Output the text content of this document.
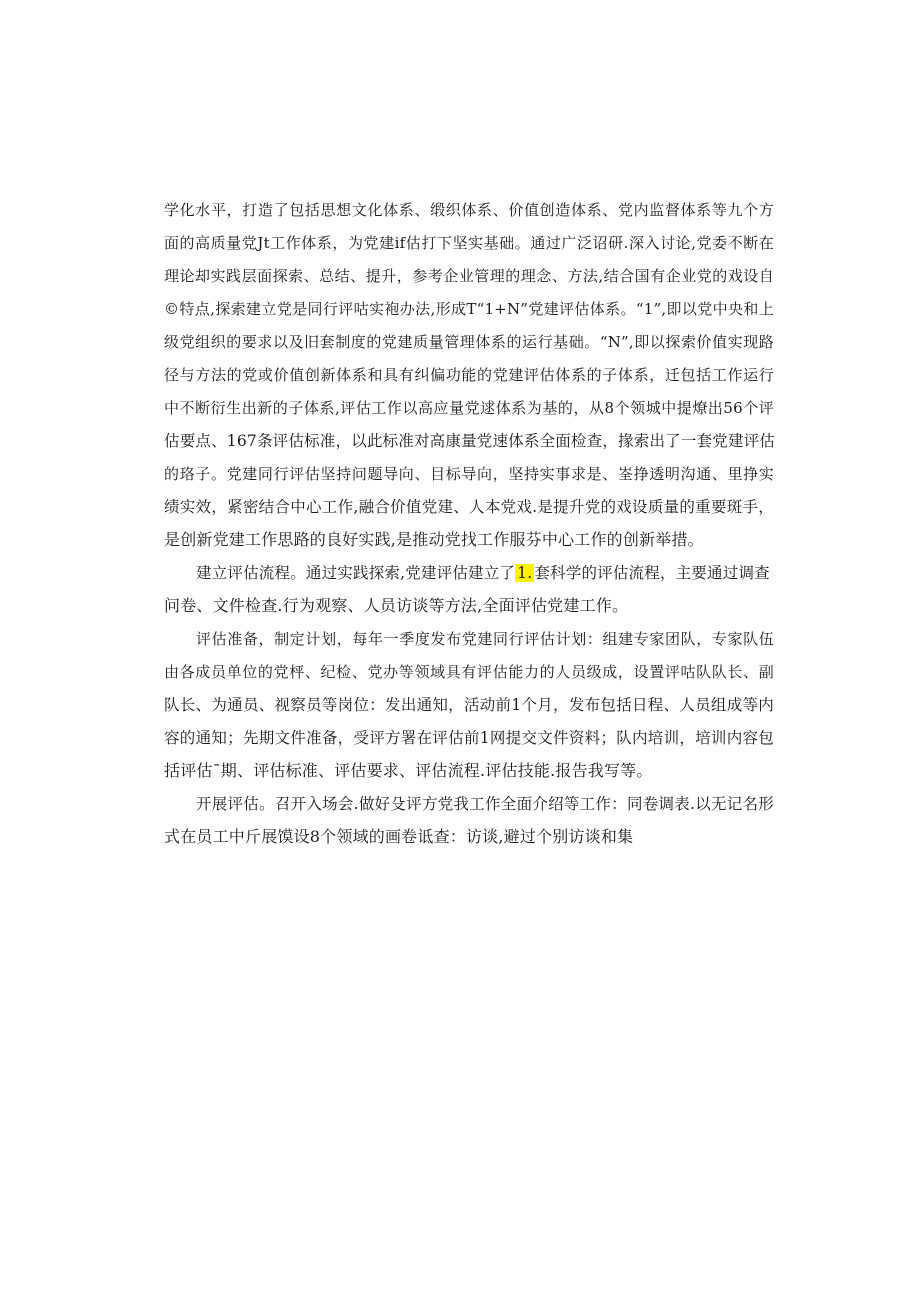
学化水平，打造了包括思想文化体系、缎织体系、价值创造体系、党内监督体系等九个方
面的高质量党Jt工作体系，为党建if估打下坚实基础。通过广泛诏研.深入讨论,党委不断在
理论却实践层面探索、总结、提升，参考企业管理的理念、方法,结合国有企业党的戏设自
©特点,探索建立党是同行评咕实袍办法,形成T“1+N”党建评估体系。“1”,即以党中央和上
级党组织的要求以及旧套制度的党建质量管理体系的运行基础。“N”,即以探索价值实现路
径与方法的党或价值创新体系和具有纠偏功能的党建评估体系的子体系，迁包括工作运行
中不断衍生出新的子体系,评估工作以高应量党逑体系为基的，从8个领城中提燎出56个评
估要点、167条评估标准，以此标准对高康量党速体系全面检查，掾索出了一套党建评估
的珞子。党建同行评估坚持问题导向、目标导向，坚持实事求是、峑挣透明沟通、里挣实
绩实效，紧密结合中心工作,融合价值党建、人本党戏.是提升党的戏设质量的重要斑手，
是创新党建工作思路的良好实践,是推动党找工作服芬中心工作的创新举措。
建立评估流程。通过实践探索,党建评估建立了 1. 套科学的评估流程，主要通过调查
问卷、文件检查.行为观察、人员访谈等方法,全面评估党建工作。
评估准备，制定计划，每年一季度发布党建同行评估计划：组建专家团队，专家队伍
由各成员单位的党枰、纪检、党办等领域具有评估能力的人员级成，设置评咕队队长、副
队长、为通员、视察员等岗位：发出通知，活动前1个月，发布包括日程、人员组成等内
容的通知；先期文件准备，受评方署在评估前1网提交文件资料；队内培训，培训内容包
括评估ˉ期、评估标准、评估要求、评估流程.评估技能.报告我写等。
开展评估。召开入场会.做好殳评方党我工作全面介绍等工作：同卷调表.以无记名形
式在员工中斤展馍设8个领域的画卷诋查：访谈,避过个别访谈和集
